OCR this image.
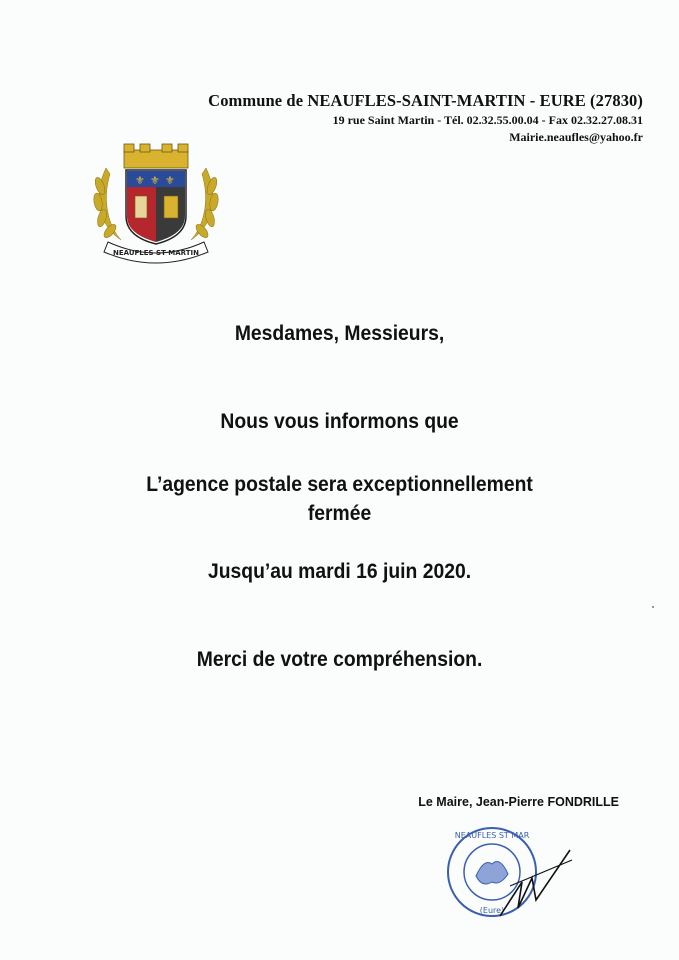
Commune de NEAUFLES-SAINT-MARTIN - EURE (27830)
19 rue Saint Martin - Tél. 02.32.55.00.04 - Fax 02.32.27.08.31
Mairie.neaufles@yahoo.fr
⚜ ⚜ ⚜
NEAUFLES ST MARTIN
Mesdames, Messieurs,
Nous vous informons que
L’agence postale sera exceptionnellement
fermée
Jusqu’au mardi 16 juin 2020.
Merci de votre compréhension.
Le Maire, Jean-Pierre FONDRILLE
NEAUFLES ST MAR
(Eure)
